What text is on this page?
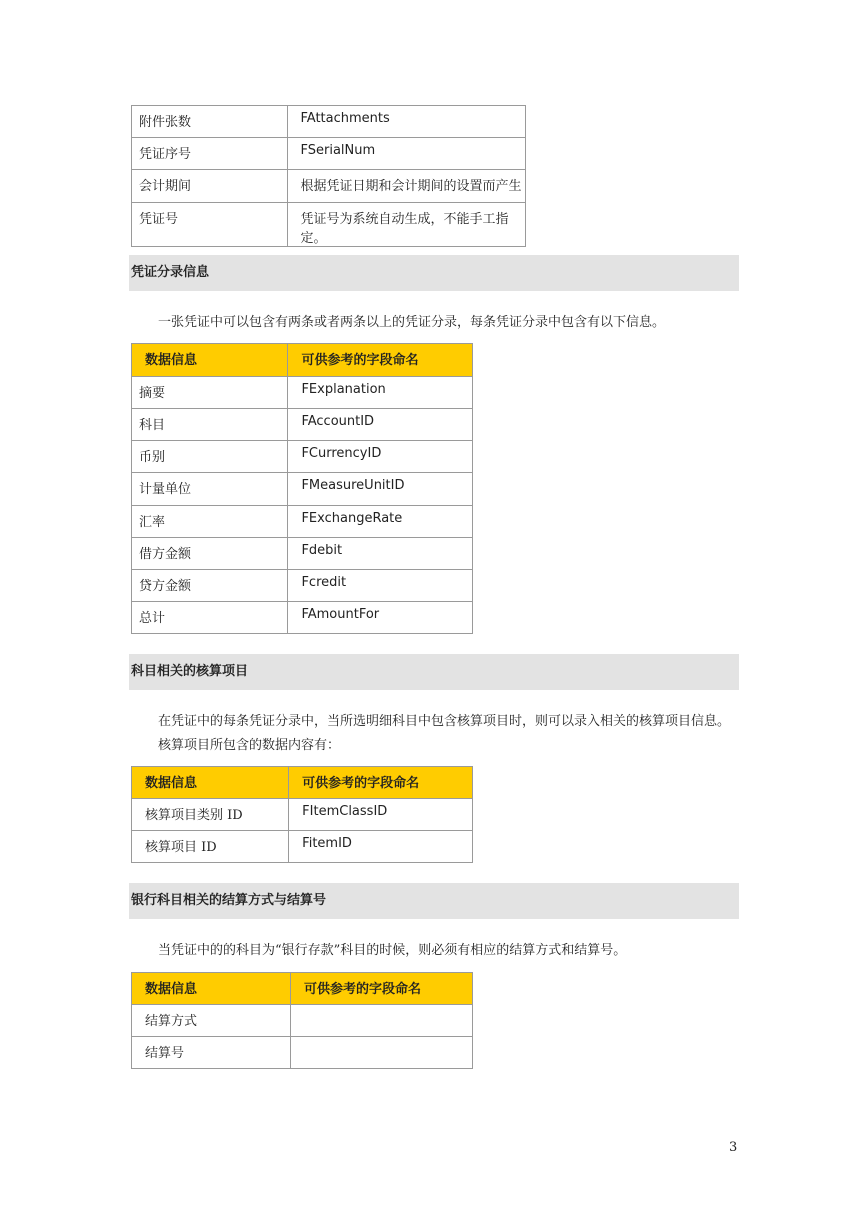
附件张数	FAttachments
凭证序号	FSerialNum
会计期间	根据凭证日期和会计期间的设置而产生
凭证号	凭证号为系统自动生成，不能手工指定。
凭证分录信息

一张凭证中可以包含有两条或者两条以上的凭证分录，每条凭证分录中包含有以下信息。

数据信息	可供参考的字段命名
摘要	FExplanation
科目	FAccountID
币别	FCurrencyID
计量单位	FMeasureUnitID
汇率	FExchangeRate
借方金额	Fdebit
贷方金额	Fcredit
总计	FAmountFor
科目相关的核算项目

在凭证中的每条凭证分录中，当所选明细科目中包含核算项目时，则可以录入相关的核算项目信息。

核算项目所包含的数据内容有：

数据信息	可供参考的字段命名
核算项目类别 ID	FItemClassID
核算项目 ID	FitemID
银行科目相关的结算方式与结算号

当凭证中的的科目为“银行存款”科目的时候，则必须有相应的结算方式和结算号。

数据信息	可供参考的字段命名
结算方式	
结算号	
3
